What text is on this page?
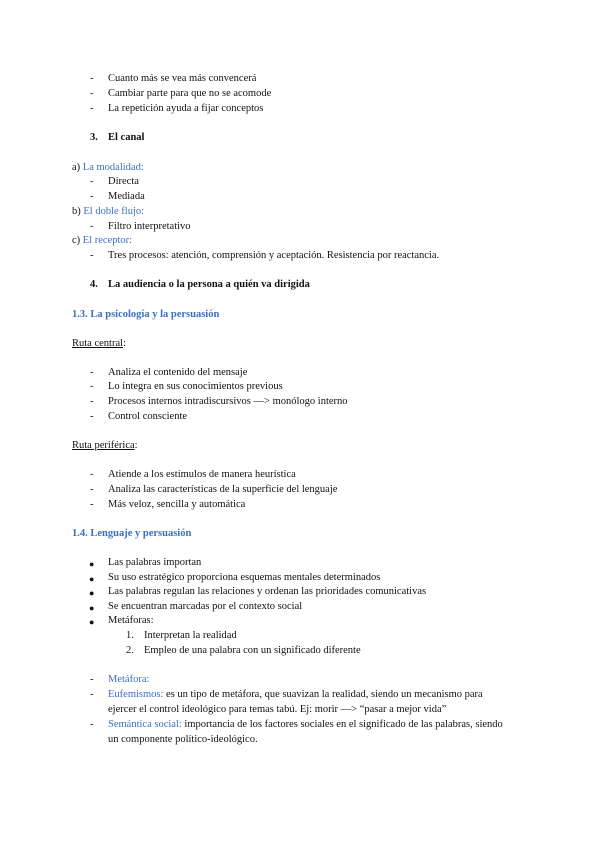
- Cuanto más se vea más convencerá
- Cambiar parte para que no se acomode
- La repetición ayuda a fijar conceptos
3. El canal
a) La modalidad:
- Directa
- Mediada
b) El doble flujo:
- Filtro interpretativo
c) El receptor:
- Tres procesos: atención, comprensión y aceptación. Resistencia por reactancia.
4. La audiencia o la persona a quién va dirigida
1.3. La psicología y la persuasión
Ruta central:
- Analiza el contenido del mensaje
- Lo integra en sus conocimientos previous
- Procesos internos intradiscursivos —> monólogo interno
- Control consciente
Ruta periférica:
- Atiende a los estímulos de manera heurística
- Analiza las características de la superficie del lenguaje
- Más veloz, sencilla y automática
1.4. Lenguaje y persuasión
● Las palabras importan
● Su uso estratégico proporciona esquemas mentales determinados
● Las palabras regulan las relaciones y ordenan las prioridades comunicativas
● Se encuentran marcadas por el contexto social
● Metáforas:
1. Interpretan la realidad
2. Empleo de una palabra con un significado diferente
- Metáfora:
- Eufemismos: es un tipo de metáfora, que suavizan la realidad, siendo un mecanismo para
ejercer el control ideológico para temas tabú. Ej: morir —> “pasar a mejor vida”
- Semántica social: importancia de los factores sociales en el significado de las palabras, siendo
un componente político-ideológico.
